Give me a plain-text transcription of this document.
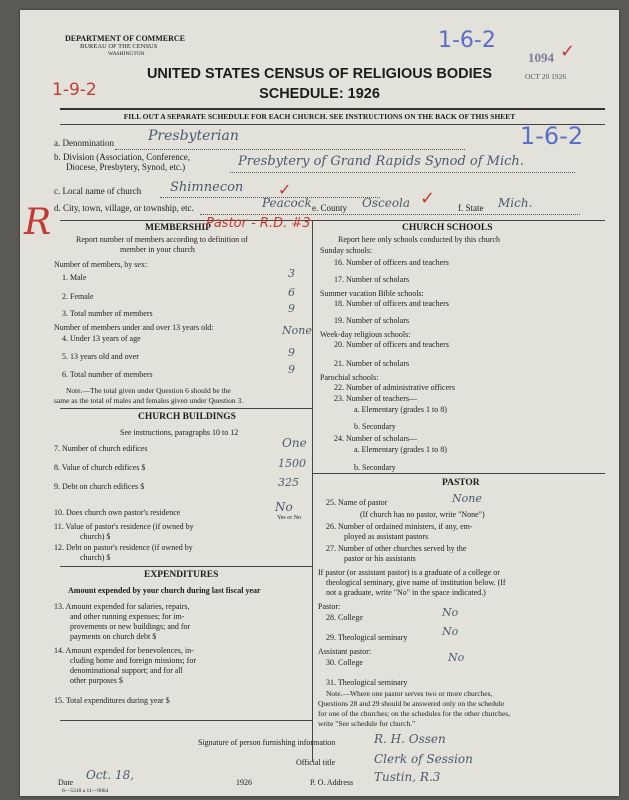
DEPARTMENT OF COMMERCE
BUREAU OF THE CENSUS
WASHINGTON
1-6-2
1094 ✓
OCT 20 1926
1-9-2
UNITED STATES CENSUS OF RELIGIOUS BODIES
SCHEDULE: 1926
FILL OUT A SEPARATE SCHEDULE FOR EACH CHURCH. SEE INSTRUCTIONS ON THE BACK OF THIS SHEET
a. Denomination Presbyterian	1-6-2
b. Division (Association, Conference,
Diocese, Presbytery, Synod, etc.)	Presbytery of Grand Rapids Synod of Mich.
c. Local name of church Shimnecon ✓
d. City, town, village, or township, etc.	Peacock e. County Osceola ✓	f. State Mich.
R	MEMBERSHIP
Pastor - R.D. #3
Report number of members according to definition of
member in your church
Number of members, by sex:
1. Male	3
2. Female	6
3. Total number of members	9
Number of members under and over 13 years old:
4. Under 13 years of age
None
5. 13 years old and over	9
6. Total number of members	9
Note.—The total given under Question 6 should be the
same as the total of males and females given under Question 3.
CHURCH BUILDINGS
See instructions, paragraphs 10 to 12
7. Number of church edifices	One
8. Value of church edifices $	1500
9. Debt on church edifices $	325
10. Does church own pastor's residence	No
Yes or No
11. Value of pastor's residence (if owned by
church) $
12. Debt on pastor's residence (if owned by
church) $
EXPENDITURES
Amount expended by your church during last fiscal year
13. Amount expended for salaries, repairs,
and other running expenses; for im-
provements or new buildings; and for
payments on church debt $
14. Amount expended for benevolences, in-
cluding home and foreign missions; for
denominational support; and for all
other purposes $
15. Total expenditures during year $
CHURCH SCHOOLS
Report here only schools conducted by this church
Sunday schools:
16. Number of officers and teachers
17. Number of scholars
Summer vacation Bible schools:
18. Number of officers and teachers
19. Number of scholars
Week-day religious schools:
20. Number of officers and teachers
21. Number of scholars
Parochial schools:
22. Number of administrative officers
23. Number of teachers—
a. Elementary (grades 1 to 8)
b. Secondary
24. Number of scholars—
a. Elementary (grades 1 to 8)
b. Secondary
PASTOR
25. Name of pastor	None
(If church has no pastor, write "None")
26. Number of ordained ministers, if any, em-
ployed as assistant pastors
27. Number of other churches served by the
pastor or his assistants
If pastor (or assistant pastor) is a graduate of a college or
theological seminary, give name of institution below. (If
not a graduate, write "No" in the space indicated.)
Pastor:
28. College	No
29. Theological seminary	No
Assistant pastor:
30. College	No
31. Theological seminary
Note.—Where one pastor serves two or more churches,
Questions 28 and 29 should be answered only on the schedule
for one of the churches; on the schedules for the other churches,
write "See schedule for church."
Signature of person furnishing information	R. H. Ossen
Official title	Clerk of Session
Date
Oct. 18,
1926	P. O. Address Tustin, R.3
6—5318 a 11—9064
